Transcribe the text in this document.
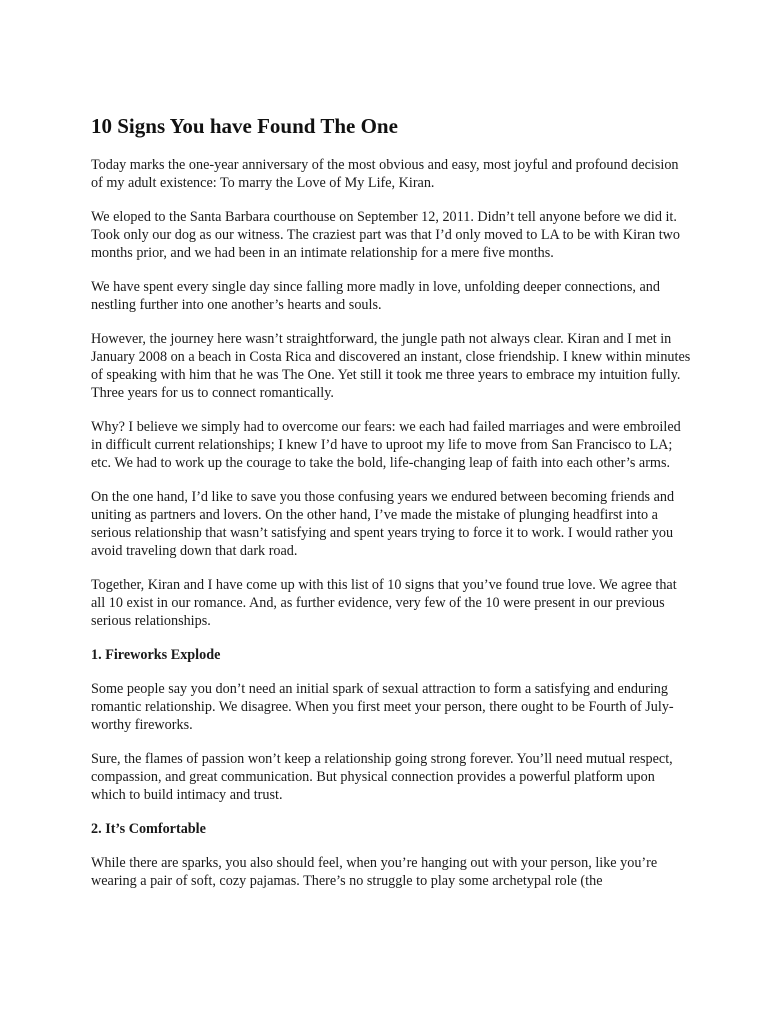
10 Signs You have Found The One

Today marks the one-year anniversary of the most obvious and easy, most joyful and profound decision of my adult existence: To marry the Love of My Life, Kiran.

We eloped to the Santa Barbara courthouse on September 12, 2011. Didn’t tell anyone before we did it. Took only our dog as our witness. The craziest part was that I’d only moved to LA to be with Kiran two months prior, and we had been in an intimate relationship for a mere five months.

We have spent every single day since falling more madly in love, unfolding deeper connections, and nestling further into one another’s hearts and souls.

However, the journey here wasn’t straightforward, the jungle path not always clear. Kiran and I met in January 2008 on a beach in Costa Rica and discovered an instant, close friendship. I knew within minutes of speaking with him that he was The One. Yet still it took me three years to embrace my intuition fully. Three years for us to connect romantically.

Why? I believe we simply had to overcome our fears: we each had failed marriages and were embroiled in difficult current relationships; I knew I’d have to uproot my life to move from San Francisco to LA; etc. We had to work up the courage to take the bold, life-changing leap of faith into each other’s arms.

On the one hand, I’d like to save you those confusing years we endured between becoming friends and uniting as partners and lovers. On the other hand, I’ve made the mistake of plunging headfirst into a serious relationship that wasn’t satisfying and spent years trying to force it to work. I would rather you avoid traveling down that dark road.

Together, Kiran and I have come up with this list of 10 signs that you’ve found true love. We agree that all 10 exist in our romance. And, as further evidence, very few of the 10 were present in our previous serious relationships.

1. Fireworks Explode

Some people say you don’t need an initial spark of sexual attraction to form a satisfying and enduring romantic relationship. We disagree. When you first meet your person, there ought to be Fourth of July-worthy fireworks.

Sure, the flames of passion won’t keep a relationship going strong forever. You’ll need mutual respect, compassion, and great communication. But physical connection provides a powerful platform upon which to build intimacy and trust.

2. It’s Comfortable

While there are sparks, you also should feel, when you’re hanging out with your person, like you’re wearing a pair of soft, cozy pajamas. There’s no struggle to play some archetypal role (the
